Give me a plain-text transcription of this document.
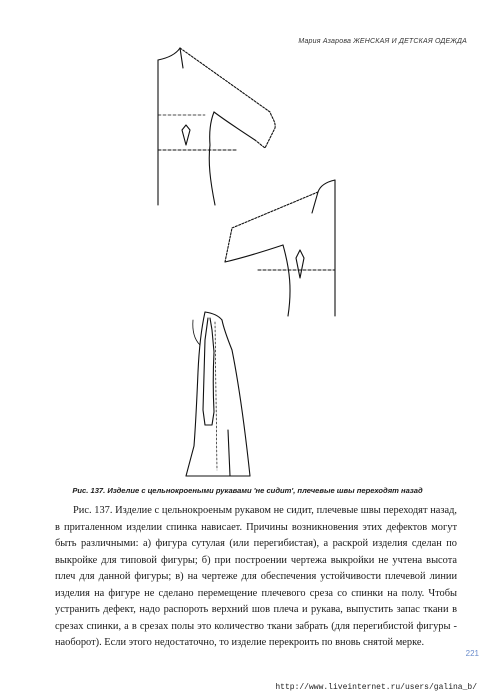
Мария Азарова ЖЕНСКАЯ И ДЕТСКАЯ ОДЕЖДА
Рис. 137. Изделие с цельнокроеными рукавами 'не сидит', плечевые швы переходят назад

Рис. 137. Изделие с цельнокроеным рукавом не сидит, плечевые швы переходят назад, в приталенном изделии спинка нависает. Причины возникновения этих дефектов могут быть различными: а) фигура сутулая (или перегибистая), а раскрой изделия сделан по выкройке для типовой фигуры; б) при построении чертежа выкройки не учтена высота плеч для данной фигуры; в) на чертеже для обеспечения устойчивости плечевой линии изделия на фигуре не сделано перемещение плечевого среза со спинки на полу. Чтобы устранить дефект, надо распороть верхний шов плеча и рукава, выпустить запас ткани в срезах спинки, а в срезах полы это количество ткани забрать (для перегибистой фигуры - наоборот). Если этого недостаточно, то изделие перекроить по вновь снятой мерке.

221
http://www.liveinternet.ru/users/galina_b/
